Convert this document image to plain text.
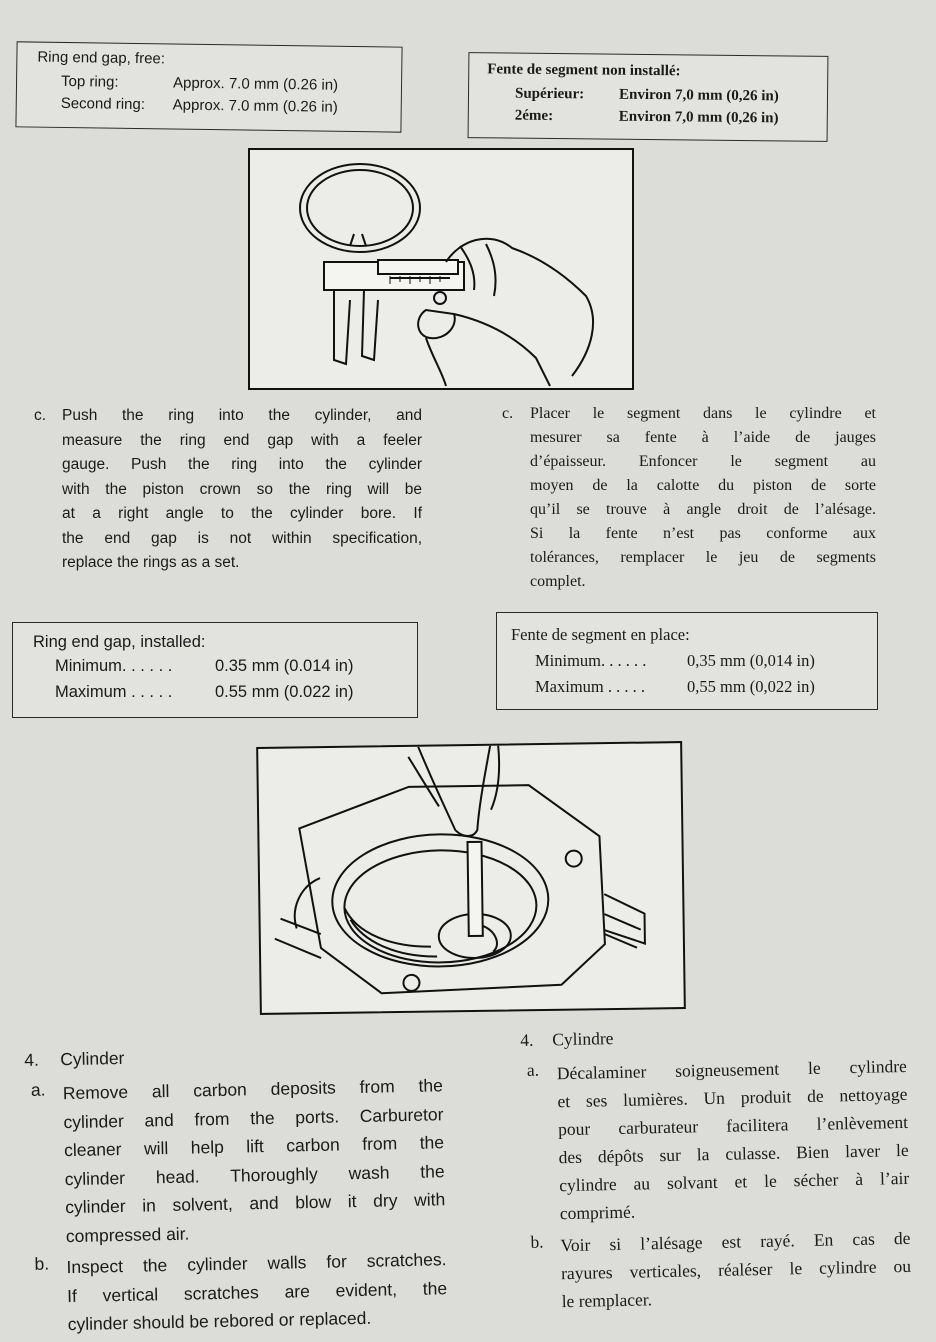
Ring end gap, free:
Top ring:	Approx. 7.0 mm (0.26 in)
Second ring: Approx. 7.0 mm (0.26 in)
Fente de segment non installé:
Supérieur: Environ 7,0 mm (0,26 in)
2éme:	Environ 7,0 mm (0,26 in)
c. Push the ring into the cylinder, and
measure the ring end gap with a feeler
gauge. Push the ring into the cylinder
with the piston crown so the ring will be
at a right angle to the cylinder bore. If
the end gap is not within specification,
replace the rings as a set.
c. Placer le segment dans le cylindre et
mesurer sa fente à l’aide de jauges
d’épaisseur. Enfoncer le segment au
moyen de la calotte du piston de sorte
qu’il se trouve à angle droit de l’alésage.
Si la fente n’est pas conforme aux
tolérances, remplacer le jeu de segments
complet.
Ring end gap, installed:
Minimum. . . . . .	0.35 mm (0.014 in)
Maximum . . . . .	0.55 mm (0.022 in)
Fente de segment en place:
Minimum. . . . . . 0,35 mm (0,014 in)
Maximum . . . . .	0,55 mm (0,022 in)
4. Cylinder
a. Remove all carbon deposits from the
cylinder and from the ports. Carburetor
cleaner will help lift carbon from the
cylinder head. Thoroughly wash the
cylinder in solvent, and blow it dry with
compressed air.
b. Inspect the cylinder walls for scratches.
If vertical scratches are evident, the
cylinder should be rebored or replaced.
4. Cylindre
a. Décalaminer soigneusement le cylindre
et ses lumières. Un produit de nettoyage
pour carburateur facilitera l’enlèvement
des dépôts sur la culasse. Bien laver le
cylindre au solvant et le sécher à l’air
comprimé.
b. Voir si l’alésage est rayé. En cas de
rayures verticales, réaléser le cylindre ou
le remplacer.
